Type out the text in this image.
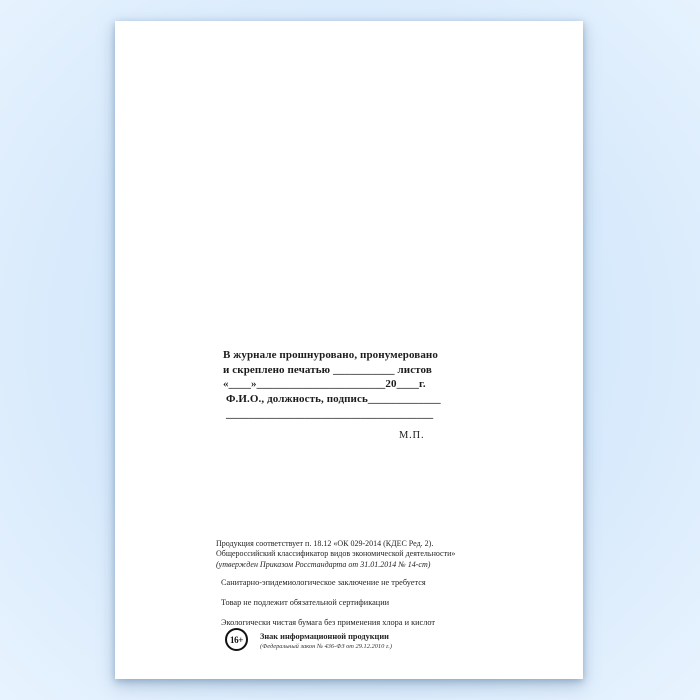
В журнале прошнуровано, пронумеровано
и скреплено печатью ___________ листов
«____»_______________________20____г.
Ф.И.О., должность, подпись_____________
_____________________________________
М.П.
Продукция соответствует п. 18.12 «ОК 029-2014 (КДЕС Ред. 2).
Общероссийский классификатор видов экономической деятельности»
(утвержден Приказом Росстандарта от 31.01.2014 № 14-ст)
Санитарно-эпидемиологическое заключение не требуется
Товар не подлежит обязательной сертификации
Экологически чистая бумага без применения хлора и кислот
16+	Знак информационной продукции
(Федеральный закон № 436-ФЗ от 29.12.2010 г.)
